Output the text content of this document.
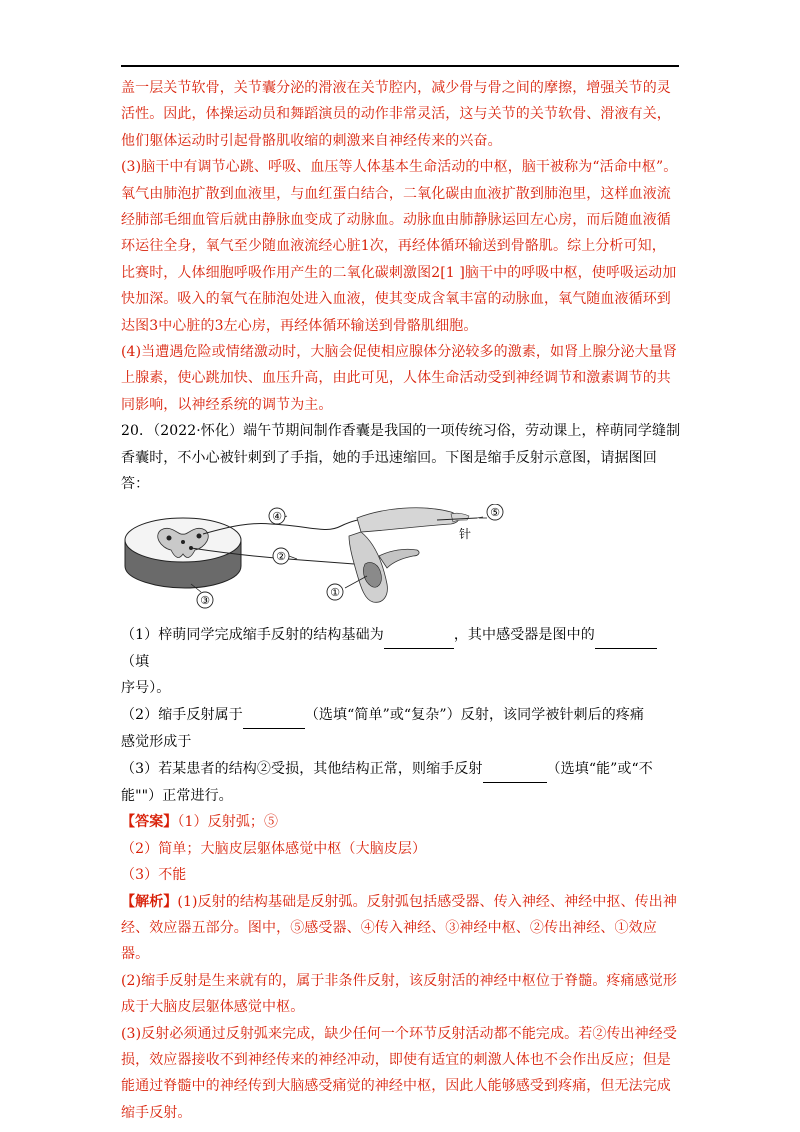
盖一层关节软骨，关节囊分泌的滑液在关节腔内，减少骨与骨之间的摩擦，增强关节的灵

活性。因此，体操运动员和舞蹈演员的动作非常灵活，这与关节的关节软骨、滑液有关，

他们躯体运动时引起骨骼肌收缩的刺激来自神经传来的兴奋。

(3)脑干中有调节心跳、呼吸、血压等人体基本生命活动的中枢，脑干被称为“活命中枢”。

氧气由肺泡扩散到血液里，与血红蛋白结合，二氧化碳由血液扩散到肺泡里，这样血液流

经肺部毛细血管后就由静脉血变成了动脉血。动脉血由肺静脉运回左心房，而后随血液循

环运往全身，氧气至少随血液流经心脏1次，再经体循环输送到骨骼肌。综上分析可知，

比赛时，人体细胞呼吸作用产生的二氧化碳刺激图2[1 ]脑干中的呼吸中枢，使呼吸运动加

快加深。吸入的氧气在肺泡处进入血液，使其变成含氧丰富的动脉血，氧气随血液循环到

达图3中心脏的3左心房，再经体循环输送到骨骼肌细胞。

(4)当遭遇危险或情绪激动时，大脑会促使相应腺体分泌较多的激素，如肾上腺分泌大量肾

上腺素，使心跳加快、血压升高，由此可见，人体生命活动受到神经调节和激素调节的共

同影响，以神经系统的调节为主。

20．（2022·怀化）端午节期间制作香囊是我国的一项传统习俗，劳动课上，梓萌同学缝制

香囊时，不小心被针刺到了手指，她的手迅速缩回。下图是缩手反射示意图，请据图回答：

④
②
③
①
⑤
针

（1）梓萌同学完成缩手反射的结构基础为	，其中感受器是图中的 （填

序号）。

（2）缩手反射属于	（选填“简单”或“复杂”）反射，该同学被针刺后的疼痛

感觉形成于

（3）若某患者的结构②受损，其他结构正常，则缩手反射	（选填“能”或“不

能""）正常进行。

【答案】（1）反射弧；⑤

（2）简单；大脑皮层躯体感觉中枢（大脑皮层）

（3）不能

【解析】(1)反射的结构基础是反射弧。反射弧包括感受器、传入神经、神经中抠、传出神

经、效应器五部分。图中，⑤感受器、④传入神经、③神经中枢、②传出神经、①效应器。

(2)缩手反射是生来就有的，属于非条件反射，该反射活的神经中枢位于脊髓。疼痛感觉形

成于大脑皮层躯体感觉中枢。

(3)反射必须通过反射弧来完成，缺少任何一个环节反射活动都不能完成。若②传出神经受

损，效应器接收不到神经传来的神经冲动，即使有适宜的刺激人体也不会作出反应；但是

能通过脊髓中的神经传到大脑感受痛觉的神经中枢，因此人能够感受到疼痛，但无法完成

缩手反射。
